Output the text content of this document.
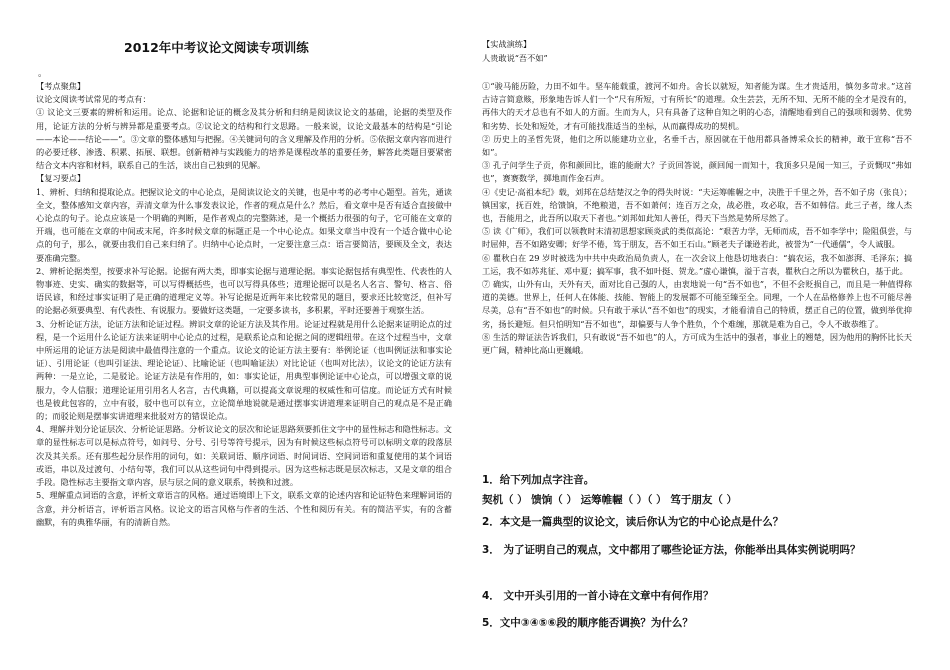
2012年中考议论文阅读专项训练
。

【考点聚焦】

议论文阅读考试常见的考点有：

① 议论文三要素的辨析和运用。论点、论据和论证的概念及其分析和归纳是阅读议论文的基础，论据的类型及作用，论证方法的分析与辨异都是重要考点。②议论文的结构和行文思路。一般来说，议论文最基本的结构是“引论——本论——结论——”。③文章的整体感知与把握。④关键词句的含义理解及作用的分析。⑤依据文章内容而进行的必要迁移、渗透、积累、拓展、联想。创新精神与实践能力的培养是课程改革的重要任务，解答此类题目要紧密结合文本内容和材料，联系自己的生活，谈出自己独到的见解。

【复习要点】

1、辨析、归纳和提取论点。把握议论文的中心论点，是阅读议论文的关键，也是中考的必考中心题型。首先，通读全文，整体感知文章内容，弄清文章为什么事发表议论，作者的观点是什么？然后，看文章中是否有适合直接做中心论点的句子。论点应该是一个明确的判断，是作者观点的完整陈述，是一个概括力很强的句子，它可能在文章的开端，也可能在文章的中间或末尾，许多时候文章的标题正是一个中心论点。如果文章当中没有一个适合做中心论点的句子，那么，就要由我们自己来归纳了。归纳中心论点时，一定要注意三点：语言要简洁，要顾及全文，表达要准确完整。

2、辨析论据类型，按要求补写论据。论据有两大类，即事实论据与道理论据。事实论据包括有典型性、代表性的人物事迹、史实、确实的数据等，可以写得概括些，也可以写得具体些；道理论据可以是名人名言、警句、格言、俗语民谚，和经过事实证明了是正确的道理定义等。补写论据是近两年来比较常见的题目，要求还比较宽泛，但补写的论据必须要典型、有代表性、有说服力。要做好这类题，一定要多读书，多积累，平时还要善于观察生活。

3、分析论证方法，论证方法和论证过程。辨识文章的论证方法及其作用。论证过程就是用什么论据来证明论点的过程，是一个运用什么论证方法来证明中心论点的过程，是联系论点和论据之间的逻辑纽带。在这个过程当中，文章中所运用的论证方法是阅读中最值得注意的一个重点。议论文的论证方法主要有：举例论证（也叫例证法和事实论证）、引用论证（也叫引证法、理论论证）、比喻论证（也叫喻证法）对比论证（也叫对比法），议论文的论证方法有两种：一是立论，二是驳论。论证方法是有作用的，如：事实论证，用典型事例论证中心论点，可以增强文章的说服力，令人信服；道理论证用引用名人名言，古代典籍，可以提高文章说理的权威性和可信度。而论证方式有时候也是彼此包容的，立中有驳，驳中也可以有立，立论简单地说就是通过摆事实讲道理来证明自己的观点是不是正确的；而驳论则是摆事实讲道理来批驳对方的错误论点。

4、理解并划分论证层次、分析论证思路。分析议论文的层次和论证思路须要抓住文字中的显性标志和隐性标志。文章的显性标志可以是标点符号，如问号、分号、引号等符号提示，因为有时候这些标点符号可以标明文章的段落层次及其关系。还有那些起分层作用的词句，如：关联词语、顺序词语、时间词语、空间词语和重复使用的某个词语或语，串以及过渡句、小结句等，我们可以从这些词句中得到提示。因为这些标志既是层次标志，又是文章的组合手段。隐性标志主要指文章内容，层与层之间的意义联系，转换和过渡。

5、理解重点词语的含意，评析文章语言的风格。通过语境即上下文，联系文章的论述内容和论证特色来理解词语的含意，并分析语言，评析语言风格。议论文的语言风格与作者的生活、个性和阅历有关。有的简洁平实，有的含蓄幽默，有的典雅华丽，有的清新自然。

【实战演练】
人贵敢说“吾不如”

①“骏马能历险，力田不如牛。坚车能载重，渡河不如舟。舍长以就短，知者能为谋。生才贵适用，慎勿多苛求。”这首古诗言简意赅，形象地告诉人们一个“尺有所短，寸有所长”的道理。众生芸芸，无所不知、无所不能的全才是没有的，再伟大的天才总也有不如人的方面。生而为人，只有具备了这种自知之明的心态，清醒地看到自己的强项和弱势、优势和劣势、长处和短处，才有可能找准适当的坐标，从而赢得成功的契机。

② 历史上的圣哲先贤，他们之所以能建功立业，名垂千古，原因就在于他用都具备博采众长的精神，敢于宣称“吾不如”。

③ 孔子问学生子贡，你和颜回比，谁的能耐大？子贡回答说，颜回闻一而知十，我顶多只是闻一知三，子贡慨叹“弗如也”，赛赛数学，掷地而作金石声。

④《史记·高祖本纪》载，刘邦在总结楚汉之争的得失时说：“夫运筹帷幄之中，决胜于千里之外，吾不如子房（张良）；镇国家，抚百姓，给馈饷，不绝粮道，吾不如萧何；连百万之众，战必胜，攻必取，吾不如韩信。此三子者，缘人杰也，吾能用之，此吾所以取天下者也。”刘邦如此知人善任，得天下当然是势所尽然了。

⑤ 读《广师》，我们可以领教时末清初思想家顾炎武的类似高论：“艰苦力学，无师而成，吾不如李学中；险阻俱尝，与时屈伸，吾不如路安卿；好学不倦，笃于朋友，吾不如王石山。”顾老夫子谦逊若此，被誉为“一代通儒”，令人诚服。

⑥ 瞿秋白在 29 岁时被选为中共中央政治局负责人，在一次会议上他恳切地表白：“搞农运，我不如澎湃、毛泽东；搞工运，我不如苏兆征、邓中夏；搞军事，我不如叶挺、贺龙。”虚心谦慎，溢于言表，瞿秋白之所以为瞿秋白，基于此。

⑦ 确实，山外有山，天外有天，面对比自己强的人，由衷地说一句“吾不如也”，不但不会贬损自己，而且是一种值得称道的美德。世界上，任何人在体能、技能、智能上的发展都不可能至臻至全。同理，一个人在品格修养上也不可能尽善尽美，总有“吾不如也”的时候。只有敢于承认“吾不如也”的现实，才能看清自己的特质，摆正自己的位置，做到举优抑劣，扬长避短。但只怕明知“吾不如也”，却偏要与人争个胜负，个个难缠，那就是难为自己，令人不敢恭维了。

⑧ 生活的辩证法告诉我们，只有敢说“吾不如也”的人，方可成为生活中的强者，事业上的翘楚，因为他用的胸怀比长天更广阔，精神比高山更巍峨。

1．给下列加点字注音。

契机（ ） 馈饷（ ） 运筹帷幄（ ）（ ） 笃于朋友（ ）

2．本文是一篇典型的议论文，读后你认为它的中心论点是什么？

3． 为了证明自己的观点，文中都用了哪些论证方法，你能举出具体实例说明吗？

4． 文中开头引用的一首小诗在文章中有何作用？

5．文中③④⑤⑥段的顺序能否调换？为什么？
